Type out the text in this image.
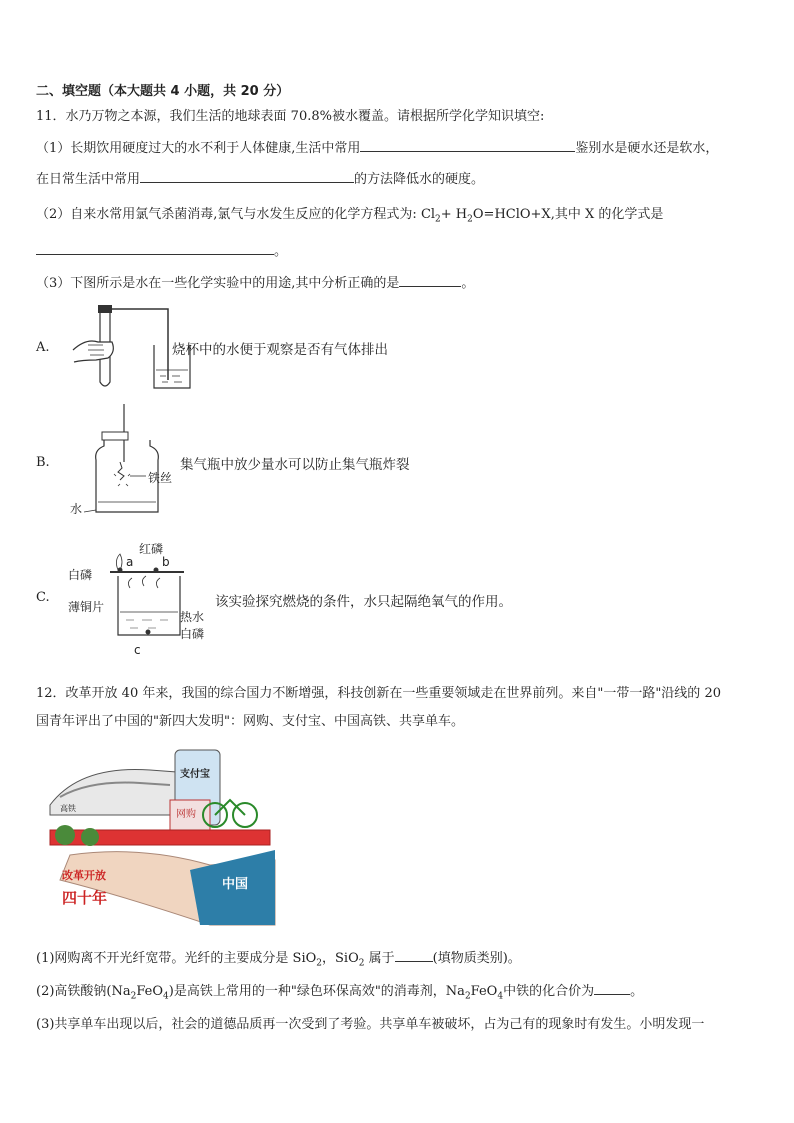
二、填空题（本大题共 4 小题，共 20 分）
11．水乃万物之本源，我们生活的地球表面 70.8%被水覆盖。请根据所学化学知识填空:
（1）长期饮用硬度过大的水不利于人体健康,生活中常用	鉴别水是硬水还是软水，
在日常生活中常用	的方法降低水的硬度。
（2）自来水常用氯气杀菌消毒,氯气与水发生反应的化学方程式为: $Cl_2+$ $H_2O=HClO+X$,其中 X 的化学式是
。
（3）下图所示是水在一些化学实验中的用途,其中分析正确的是	。
A.	烧杯中的水便于观察是否有气体排出
B.
铁丝
水
集气瓶中放少量水可以防止集气瓶炸裂
C.
红磷
a b
白磷
薄铜片
热水
白磷
c
该实验探究燃烧的条件，水只起隔绝氧气的作用。
12．改革开放 40 年来，我国的综合国力不断增强，科技创新在一些重要领域走在世界前列。来自"一带一路"沿线的 20
国青年评出了中国的"新四大发明"：网购、支付宝、中国高铁、共享单车。
支付宝
网购
高铁
中国
改革开放
四十年
(1)网购离不开光纤宽带。光纤的主要成分是 SiO$_2$，SiO$_2$ 属于	(填物质类别)。
(2)高铁酸钠$(Na_2FeO_4)$是高铁上常用的一种"绿色环保高效"的消毒剂，$Na_2FeO_4$中铁的化合价为	。
(3)共享单车出现以后，社会的道德品质再一次受到了考验。共享单车被破坏，占为己有的现象时有发生。小明发现一
